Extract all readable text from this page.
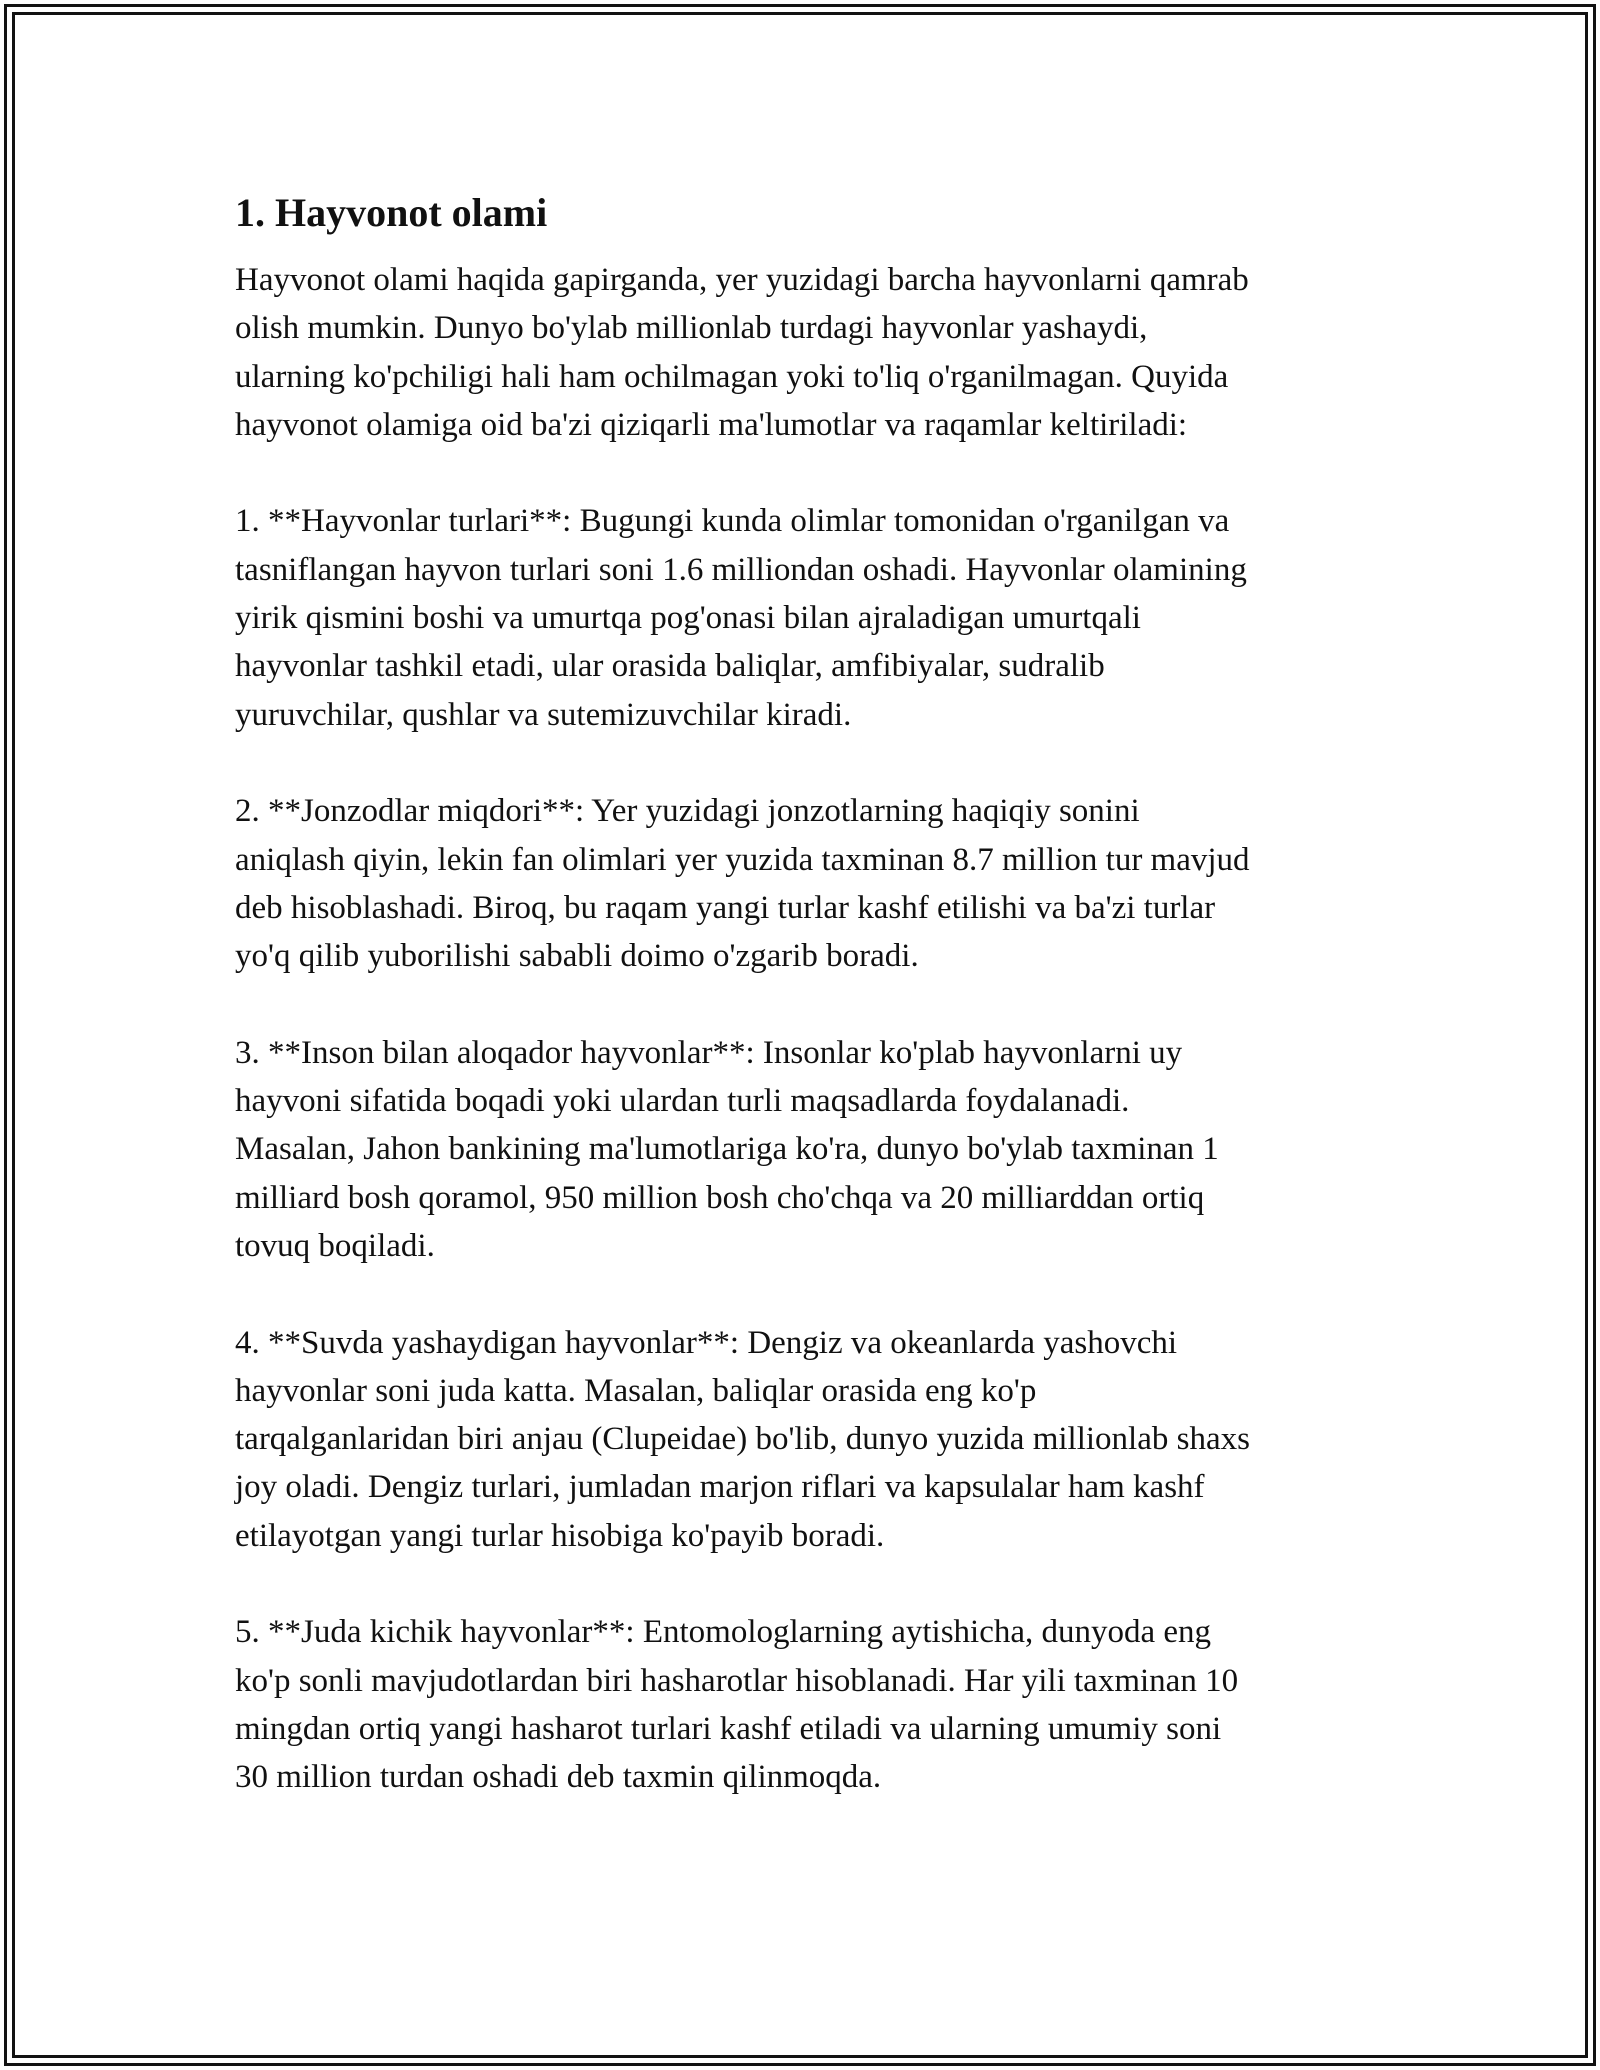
1. Hayvonot olami

Hayvonot olami haqida gapirganda, yer yuzidagi barcha hayvonlarni qamrab
olish mumkin. Dunyo bo'ylab millionlab turdagi hayvonlar yashaydi,
ularning ko'pchiligi hali ham ochilmagan yoki to'liq o'rganilmagan. Quyida
hayvonot olamiga oid ba'zi qiziqarli ma'lumotlar va raqamlar keltiriladi:

1. **Hayvonlar turlari**: Bugungi kunda olimlar tomonidan o'rganilgan va
tasniflangan hayvon turlari soni 1.6 milliondan oshadi. Hayvonlar olamining
yirik qismini boshi va umurtqa pog'onasi bilan ajraladigan umurtqali
hayvonlar tashkil etadi, ular orasida baliqlar, amfibiyalar, sudralib
yuruvchilar, qushlar va sutemizuvchilar kiradi.

2. **Jonzodlar miqdori**: Yer yuzidagi jonzotlarning haqiqiy sonini
aniqlash qiyin, lekin fan olimlari yer yuzida taxminan 8.7 million tur mavjud
deb hisoblashadi. Biroq, bu raqam yangi turlar kashf etilishi va ba'zi turlar
yo'q qilib yuborilishi sababli doimo o'zgarib boradi.

3. **Inson bilan aloqador hayvonlar**: Insonlar ko'plab hayvonlarni uy
hayvoni sifatida boqadi yoki ulardan turli maqsadlarda foydalanadi.
Masalan, Jahon bankining ma'lumotlariga ko'ra, dunyo bo'ylab taxminan 1
milliard bosh qoramol, 950 million bosh cho'chqa va 20 milliarddan ortiq
tovuq boqiladi.

4. **Suvda yashaydigan hayvonlar**: Dengiz va okeanlarda yashovchi
hayvonlar soni juda katta. Masalan, baliqlar orasida eng ko'p
tarqalganlaridan biri anjau (Clupeidae) bo'lib, dunyo yuzida millionlab shaxs
joy oladi. Dengiz turlari, jumladan marjon riflari va kapsulalar ham kashf
etilayotgan yangi turlar hisobiga ko'payib boradi.

5. **Juda kichik hayvonlar**: Entomologlarning aytishicha, dunyoda eng
ko'p sonli mavjudotlardan biri hasharotlar hisoblanadi. Har yili taxminan 10
mingdan ortiq yangi hasharot turlari kashf etiladi va ularning umumiy soni
30 million turdan oshadi deb taxmin qilinmoqda.
